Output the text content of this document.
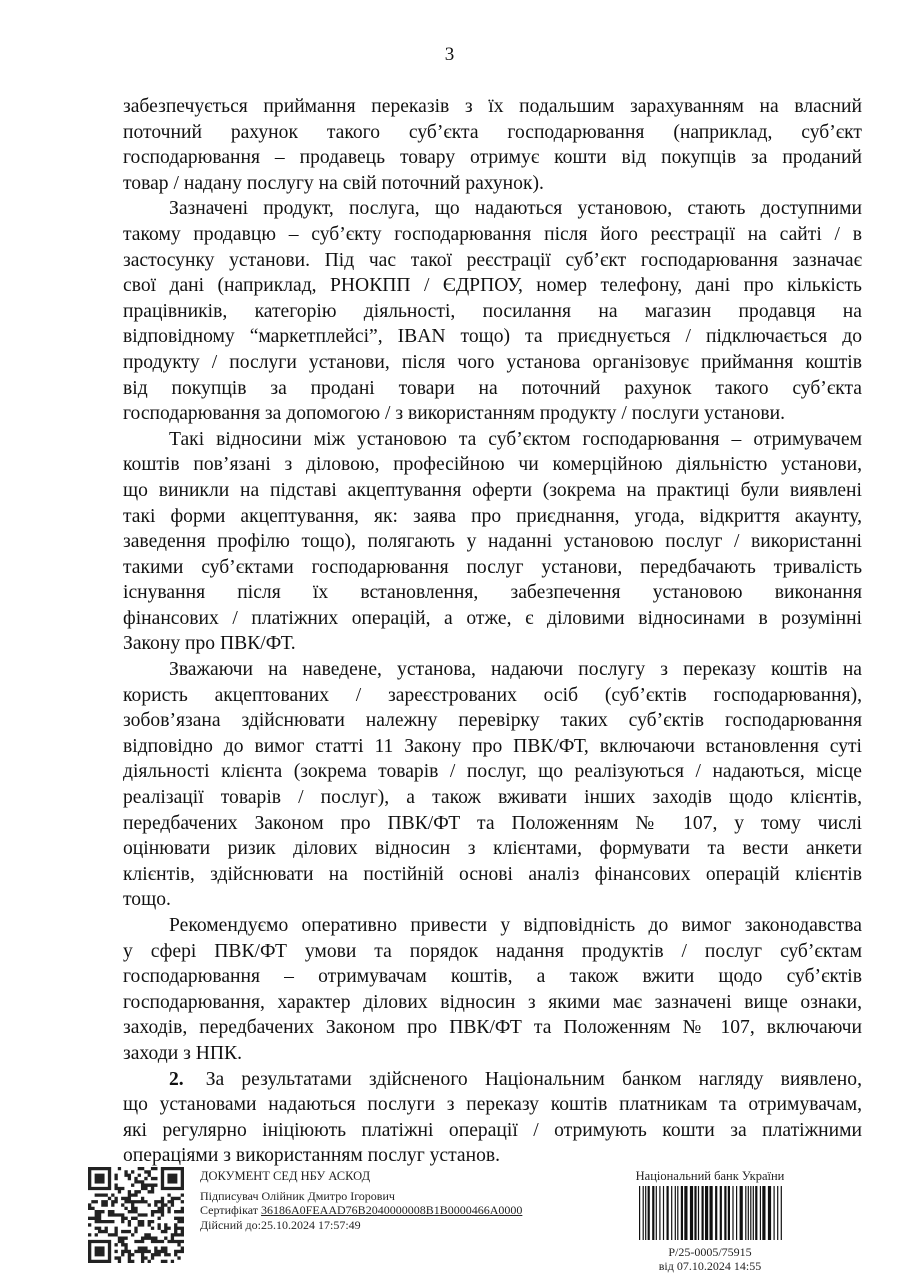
3
забезпечується приймання переказів з їх подальшим зарахуванням на власний
поточний рахунок такого суб’єкта господарювання (наприклад, суб’єкт
господарювання – продавець товару отримує кошти від покупців за проданий
товар / надану послугу на свій поточний рахунок).
Зазначені продукт, послуга, що надаються установою, стають доступними
такому продавцю – суб’єкту господарювання після його реєстрації на сайті / в
застосунку установи. Під час такої реєстрації суб’єкт господарювання зазначає
свої дані (наприклад, РНОКПП / ЄДРПОУ, номер телефону, дані про кількість
працівників, категорію діяльності, посилання на магазин продавця на
відповідному “маркетплейсі”, IBAN тощо) та приєднується / підключається до
продукту / послуги установи, після чого установа організовує приймання коштів
від покупців за продані товари на поточний рахунок такого суб’єкта
господарювання за допомогою / з використанням продукту / послуги установи.
Такі відносини між установою та суб’єктом господарювання – отримувачем
коштів пов’язані з діловою, професійною чи комерційною діяльністю установи,
що виникли на підставі акцептування оферти (зокрема на практиці були виявлені
такі форми акцептування, як: заява про приєднання, угода, відкриття акаунту,
заведення профілю тощо), полягають у наданні установою послуг / використанні
такими суб’єктами господарювання послуг установи, передбачають тривалість
існування після їх встановлення, забезпечення установою виконання
фінансових / платіжних операцій, а отже, є діловими відносинами в розумінні
Закону про ПВК/ФТ.
Зважаючи на наведене, установа, надаючи послугу з переказу коштів на
користь акцептованих / зареєстрованих осіб (суб’єктів господарювання),
зобов’язана здійснювати належну перевірку таких суб’єктів господарювання
відповідно до вимог статті 11 Закону про ПВК/ФТ, включаючи встановлення суті
діяльності клієнта (зокрема товарів / послуг, що реалізуються / надаються, місце
реалізації товарів / послуг), а також вживати інших заходів щодо клієнтів,
передбачених Законом про ПВК/ФТ та Положенням № 107, у тому числі
оцінювати ризик ділових відносин з клієнтами, формувати та вести анкети
клієнтів, здійснювати на постійній основі аналіз фінансових операцій клієнтів
тощо.
Рекомендуємо оперативно привести у відповідність до вимог законодавства
у сфері ПВК/ФТ умови та порядок надання продуктів / послуг суб’єктам
господарювання – отримувачам коштів, а також вжити щодо суб’єктів
господарювання, характер ділових відносин з якими має зазначені вище ознаки,
заходів, передбачених Законом про ПВК/ФТ та Положенням № 107, включаючи
заходи з НПК.
2. За результатами здійсненого Національним банком нагляду виявлено,
що установами надаються послуги з переказу коштів платникам та отримувачам,
які регулярно ініціюють платіжні операції / отримують кошти за платіжними
операціями з використанням послуг установ.
ДОКУМЕНТ СЕД НБУ АСКОД
Підписувач Олійник Дмитро Ігорович
Сертифікат 36186A0FEAAD76B2040000008B1B0000466A0000
Дійсний до:25.10.2024 17:57:49
Національний банк України
Р/25-0005/75915
від 07.10.2024 14:55
